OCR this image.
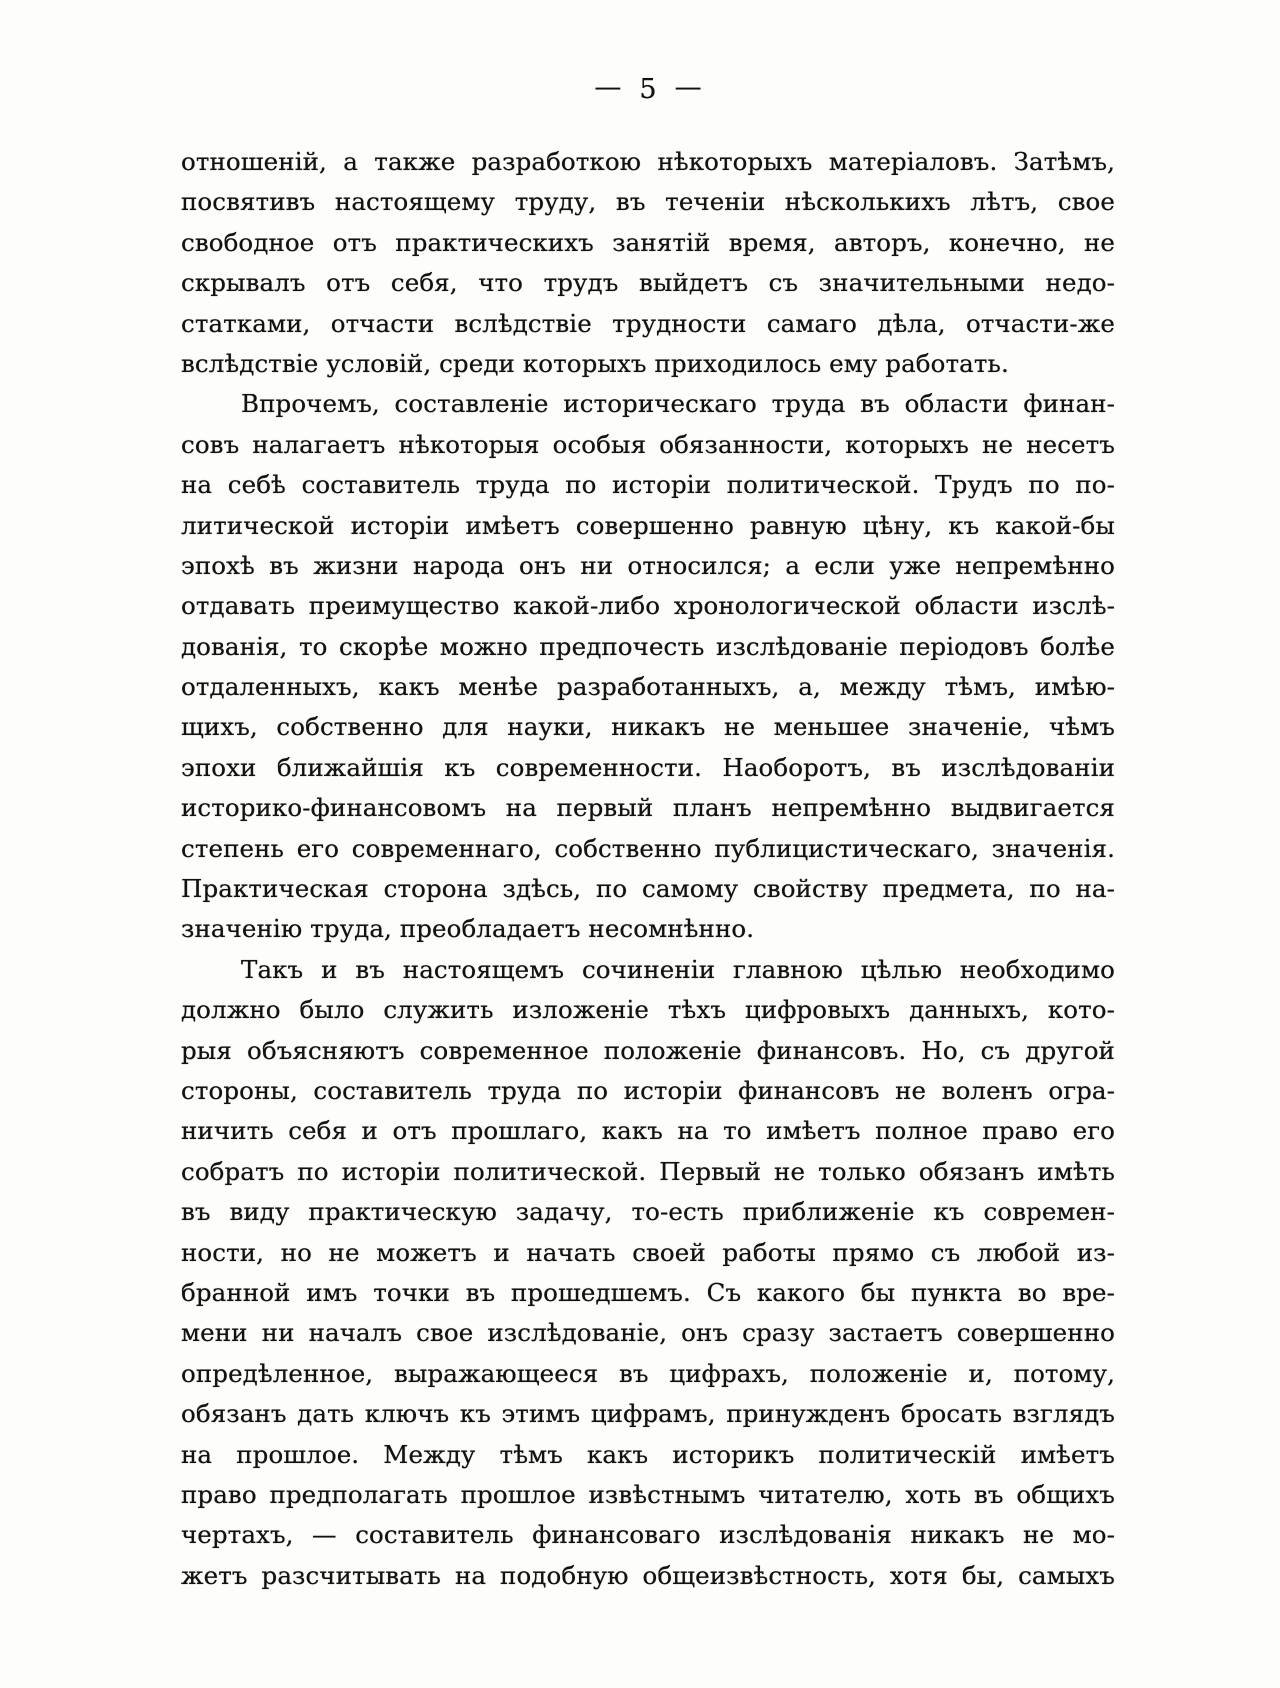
— 5 —
отношеній, а также разработкою нѣкоторыхъ матеріаловъ. Затѣмъ,
посвятивъ настоящему труду, въ теченіи нѣсколькихъ лѣтъ, свое
свободное отъ практическихъ занятій время, авторъ, конечно, не
скрывалъ отъ себя, что трудъ выйдетъ съ значительными недо-
статками, отчасти вслѣдствіе трудности самаго дѣла, отчасти-же
вслѣдствіе условій, среди которыхъ приходилось ему работать.
Впрочемъ, составленіе историческаго труда въ области финан-
совъ налагаетъ нѣкоторыя особыя обязанности, которыхъ не несетъ
на себѣ составитель труда по исторіи политической. Трудъ по по-
литической исторіи имѣетъ совершенно равную цѣну, къ какой-бы
эпохѣ въ жизни народа онъ ни относился; а если уже непремѣнно
отдавать преимущество какой-либо хронологической области изслѣ-
дованія, то скорѣе можно предпочесть изслѣдованіе періодовъ болѣе
отдаленныхъ, какъ менѣе разработанныхъ, а, между тѣмъ, имѣю-
щихъ, собственно для науки, никакъ не меньшее значеніе, чѣмъ
эпохи ближайшія къ современности. Наоборотъ, въ изслѣдованіи
историко-финансовомъ на первый планъ непремѣнно выдвигается
степень его современнаго, собственно публицистическаго, значенія.
Практическая сторона здѣсь, по самому свойству предмета, по на-
значенію труда, преобладаетъ несомнѣнно.
Такъ и въ настоящемъ сочиненіи главною цѣлью необходимо
должно было служить изложеніе тѣхъ цифровыхъ данныхъ, кото-
рыя объясняютъ современное положеніе финансовъ. Но, съ другой
стороны, составитель труда по исторіи финансовъ не воленъ огра-
ничить себя и отъ прошлаго, какъ на то имѣетъ полное право его
собратъ по исторіи политической. Первый не только обязанъ имѣть
въ виду практическую задачу, то-есть приближеніе къ современ-
ности, но не можетъ и начать своей работы прямо съ любой из-
бранной имъ точки въ прошедшемъ. Съ какого бы пункта во вре-
мени ни началъ свое изслѣдованіе, онъ сразу застаетъ совершенно
опредѣленное, выражающееся въ цифрахъ, положеніе и, потому,
обязанъ дать ключъ къ этимъ цифрамъ, принужденъ бросать взглядъ
на прошлое. Между тѣмъ какъ историкъ политическій имѣетъ
право предполагать прошлое извѣстнымъ читателю, хоть въ общихъ
чертахъ, — составитель финансоваго изслѣдованія никакъ не мо-
жетъ разсчитывать на подобную общеизвѣстность, хотя бы, самыхъ
